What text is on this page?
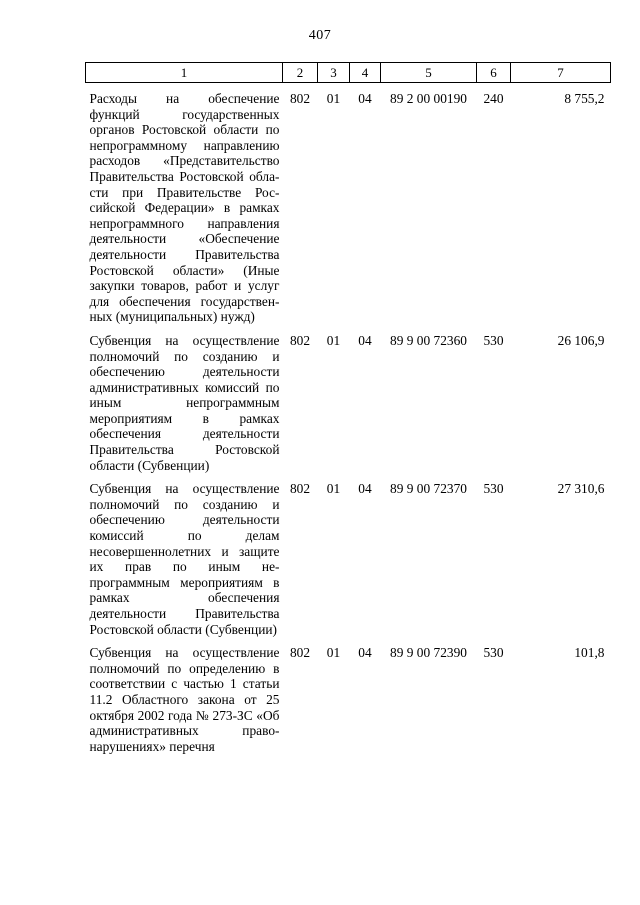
407
1	2	3	4	5	6	7

Расходы на обеспечение функций государственных органов Ростовской области по непрограммному направлению расходов «Представительство Правительства Ростовской области при Правительстве Российской Федерации» в рамках непрограммного направления деятельности «Обеспечение деятельности Правительства Ростовской области» (Иные закупки товаров, работ и услуг для обеспечения государственных (муниципальных) нужд)	802	01	04	89 2 00 00190	240	8 755,2

Субвенция на осуществление полномочий по созданию и обеспечению деятельности административных комиссий по иным непрограммным мероприятиям в рамках обеспечения деятельности Правительства Ростовской области (Субвенции)	802	01	04	89 9 00 72360	530	26 106,9

Субвенция на осуществление полномочий по созданию и обеспечению деятельности комиссий по делам несовершеннолетних и защите их прав по иным непрограммным мероприятиям в рамках обеспечения деятельности Правительства Ростовской области (Субвенции)	802	01	04	89 9 00 72370	530	27 310,6

Субвенция на осуществление полномочий по определению в соответствии с частью 1 статьи 11.2 Областного закона от 25 октября 2002 года № 273-ЗС «Об административных правонарушениях» перечня	802	01	04	89 9 00 72390	530	101,8
